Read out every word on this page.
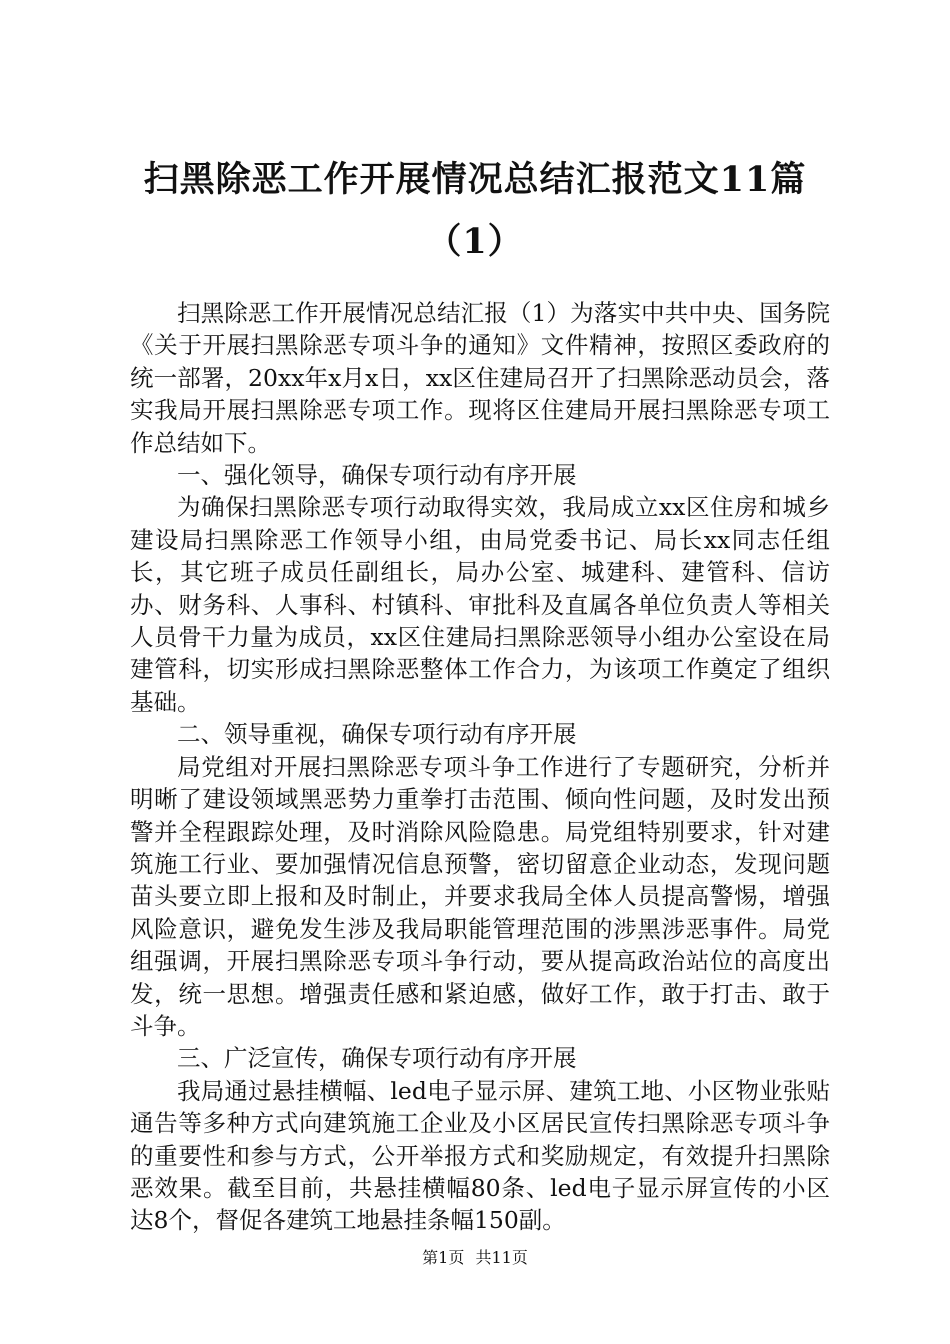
扫黑除恶工作开展情况总结汇报范文11篇
（1）

扫黑除恶工作开展情况总结汇报（1）为落实中共中央、国务院《关于开展扫黑除恶专项斗争的通知》文件精神，按照区委政府的统一部署，20xx年x月x日，xx区住建局召开了扫黑除恶动员会，落实我局开展扫黑除恶专项工作。现将区住建局开展扫黑除恶专项工作总结如下。

一、强化领导，确保专项行动有序开展

为确保扫黑除恶专项行动取得实效，我局成立xx区住房和城乡建设局扫黑除恶工作领导小组，由局党委书记、局长xx同志任组长，其它班子成员任副组长，局办公室、城建科、建管科、信访办、财务科、人事科、村镇科、审批科及直属各单位负责人等相关人员骨干力量为成员，xx区住建局扫黑除恶领导小组办公室设在局建管科，切实形成扫黑除恶整体工作合力，为该项工作奠定了组织基础。

二、领导重视，确保专项行动有序开展

局党组对开展扫黑除恶专项斗争工作进行了专题研究，分析并明晰了建设领域黑恶势力重拳打击范围、倾向性问题，及时发出预警并全程跟踪处理，及时消除风险隐患。局党组特别要求，针对建筑施工行业、要加强情况信息预警，密切留意企业动态，发现问题苗头要立即上报和及时制止，并要求我局全体人员提高警惕，增强风险意识，避免发生涉及我局职能管理范围的涉黑涉恶事件。局党组强调，开展扫黑除恶专项斗争行动，要从提高政治站位的高度出发，统一思想。增强责任感和紧迫感，做好工作，敢于打击、敢于斗争。

三、广泛宣传，确保专项行动有序开展

我局通过悬挂横幅、led电子显示屏、建筑工地、小区物业张贴通告等多种方式向建筑施工企业及小区居民宣传扫黑除恶专项斗争的重要性和参与方式，公开举报方式和奖励规定，有效提升扫黑除恶效果。截至目前，共悬挂横幅80条、led电子显示屏宣传的小区达8个，督促各建筑工地悬挂条幅150副。

第1页 共11页
